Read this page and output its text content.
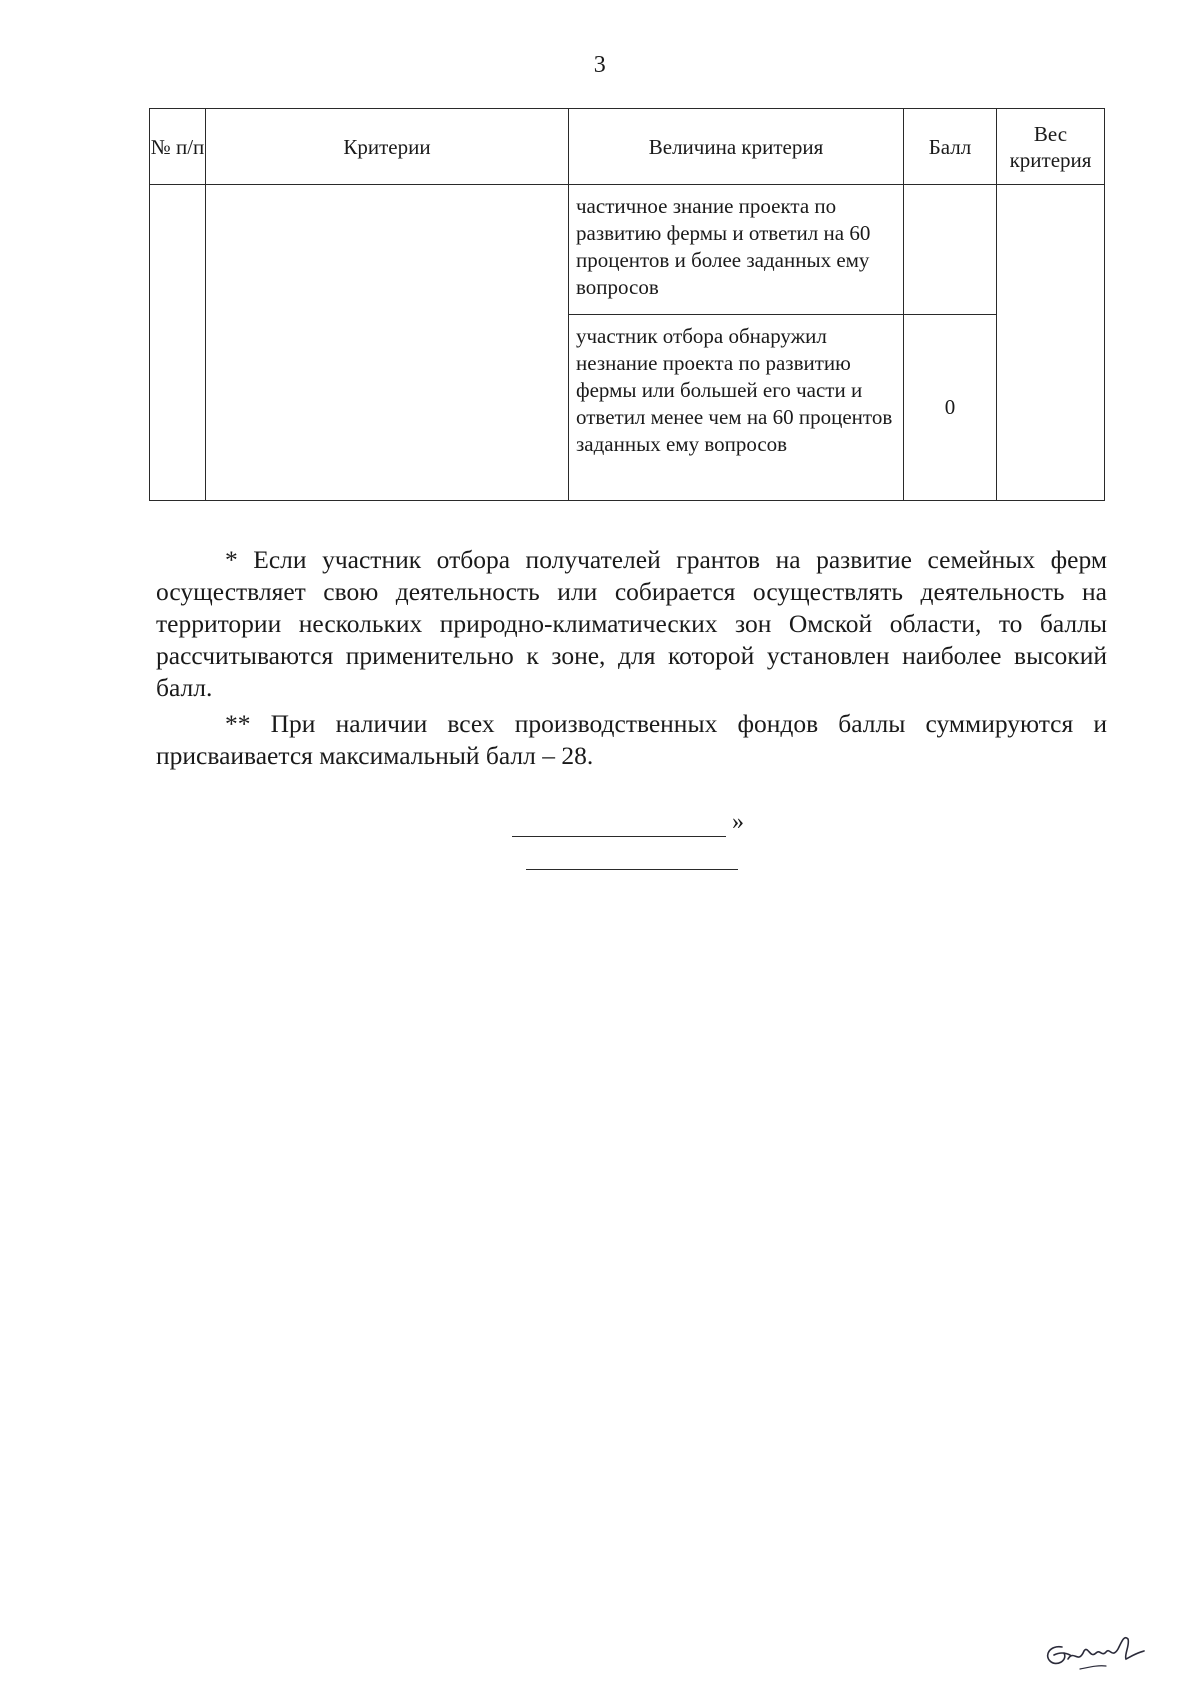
3
№ п/п	Критерии	Величина критерия	Балл	Вес критерия
		частичное знание проекта по развитию фермы и ответил на 60 процентов и более заданных ему вопросов		
		участник отбора обнаружил незнание проекта по развитию фермы или большей его части и ответил менее чем на 60 процентов заданных ему вопросов	0	

* Если участник отбора получателей грантов на развитие семейных ферм осуществляет свою деятельность или собирается осуществлять деятельность на территории нескольких природно-климатических зон Омской области, то баллы рассчитываются применительно к зоне, для которой установлен наиболее высокий балл.

** При наличии всех производственных фондов баллы суммируются и присваивается максимальный балл – 28.

»
